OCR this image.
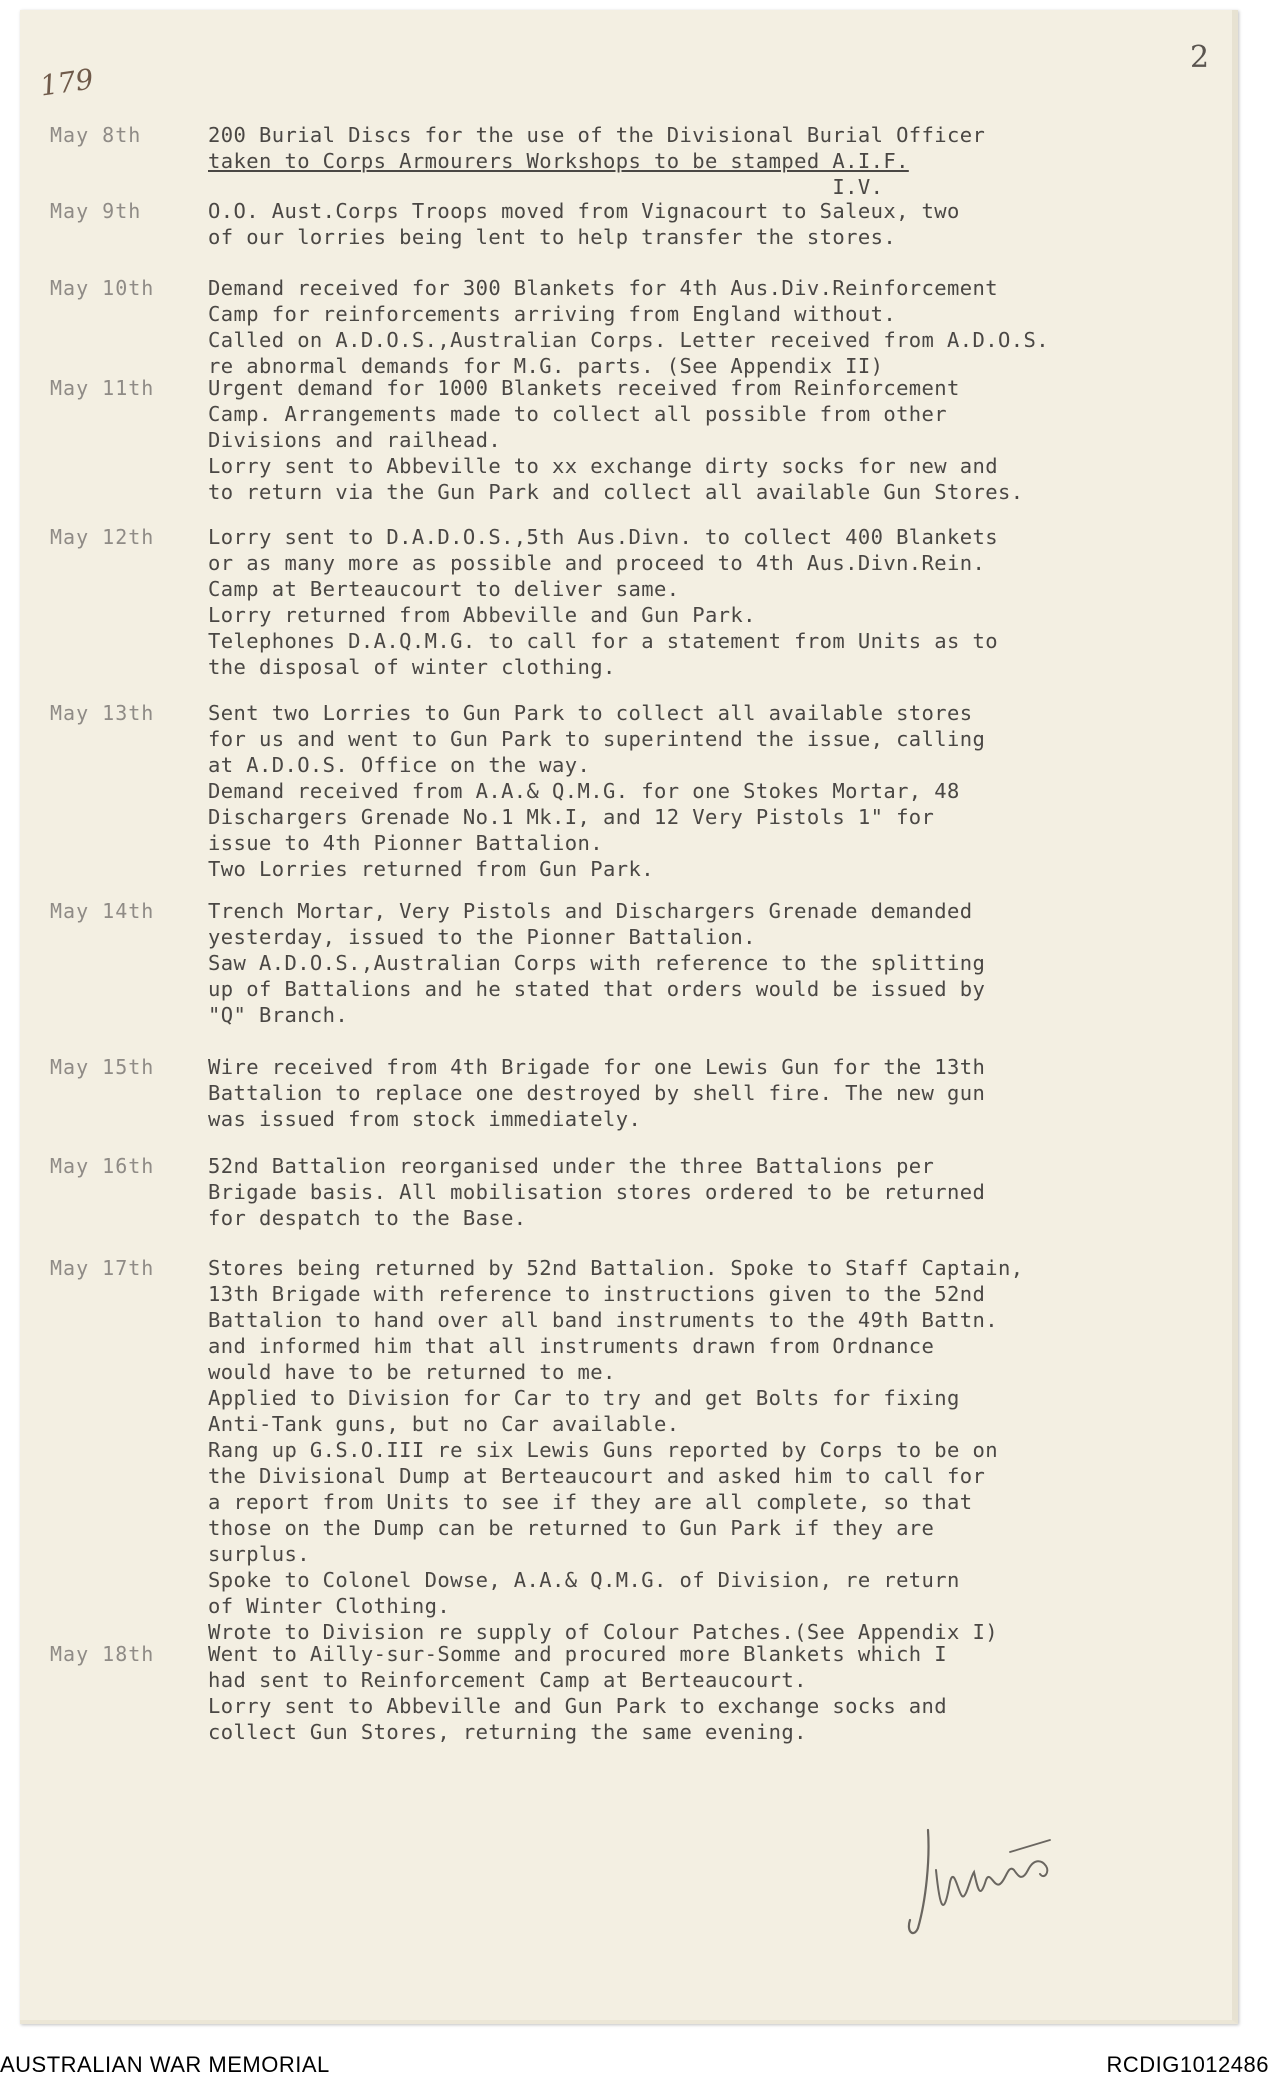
179
2
May 8th	200 Burial Discs for the use of the Divisional Burial Officer
taken to Corps Armourers Workshops to be stamped A.I.F.
I.V.
May 9th	O.O. Aust.Corps Troops moved from Vignacourt to Saleux, two
of our lorries being lent to help transfer the stores.
May 10th	Demand received for 300 Blankets for 4th Aus.Div.Reinforcement
Camp for reinforcements arriving from England without.
Called on A.D.O.S.,Australian Corps. Letter received from A.D.O.S.
re abnormal demands for M.G. parts. (See Appendix II)
May 11th	Urgent demand for 1000 Blankets received from Reinforcement
Camp. Arrangements made to collect all possible from other
Divisions and railhead.
Lorry sent to Abbeville to xx exchange dirty socks for new and
to return via the Gun Park and collect all available Gun Stores.
May 12th	Lorry sent to D.A.D.O.S.,5th Aus.Divn. to collect 400 Blankets
or as many more as possible and proceed to 4th Aus.Divn.Rein.
Camp at Berteaucourt to deliver same.
Lorry returned from Abbeville and Gun Park.
Telephones D.A.Q.M.G. to call for a statement from Units as to
the disposal of winter clothing.
May 13th	Sent two Lorries to Gun Park to collect all available stores
for us and went to Gun Park to superintend the issue, calling
at A.D.O.S. Office on the way.
Demand received from A.A.& Q.M.G. for one Stokes Mortar, 48
Dischargers Grenade No.1 Mk.I, and 12 Very Pistols 1" for
issue to 4th Pionner Battalion.
Two Lorries returned from Gun Park.
May 14th	Trench Mortar, Very Pistols and Dischargers Grenade demanded
yesterday, issued to the Pionner Battalion.
Saw A.D.O.S.,Australian Corps with reference to the splitting
up of Battalions and he stated that orders would be issued by
"Q" Branch.
May 15th	Wire received from 4th Brigade for one Lewis Gun for the 13th
Battalion to replace one destroyed by shell fire. The new gun
was issued from stock immediately.
May 16th	52nd Battalion reorganised under the three Battalions per
Brigade basis. All mobilisation stores ordered to be returned
for despatch to the Base.
May 17th	Stores being returned by 52nd Battalion. Spoke to Staff Captain,
13th Brigade with reference to instructions given to the 52nd
Battalion to hand over all band instruments to the 49th Battn.
and informed him that all instruments drawn from Ordnance
would have to be returned to me.
Applied to Division for Car to try and get Bolts for fixing
Anti-Tank guns, but no Car available.
Rang up G.S.O.III re six Lewis Guns reported by Corps to be on
the Divisional Dump at Berteaucourt and asked him to call for
a report from Units to see if they are all complete, so that
those on the Dump can be returned to Gun Park if they are
surplus.
Spoke to Colonel Dowse, A.A.& Q.M.G. of Division, re return
of Winter Clothing.
Wrote to Division re supply of Colour Patches.(See Appendix I)
May 18th	Went to Ailly-sur-Somme and procured more Blankets which I
had sent to Reinforcement Camp at Berteaucourt.
Lorry sent to Abbeville and Gun Park to exchange socks and
collect Gun Stores, returning the same evening.
AUSTRALIAN WAR MEMORIAL	RCDIG1012486
